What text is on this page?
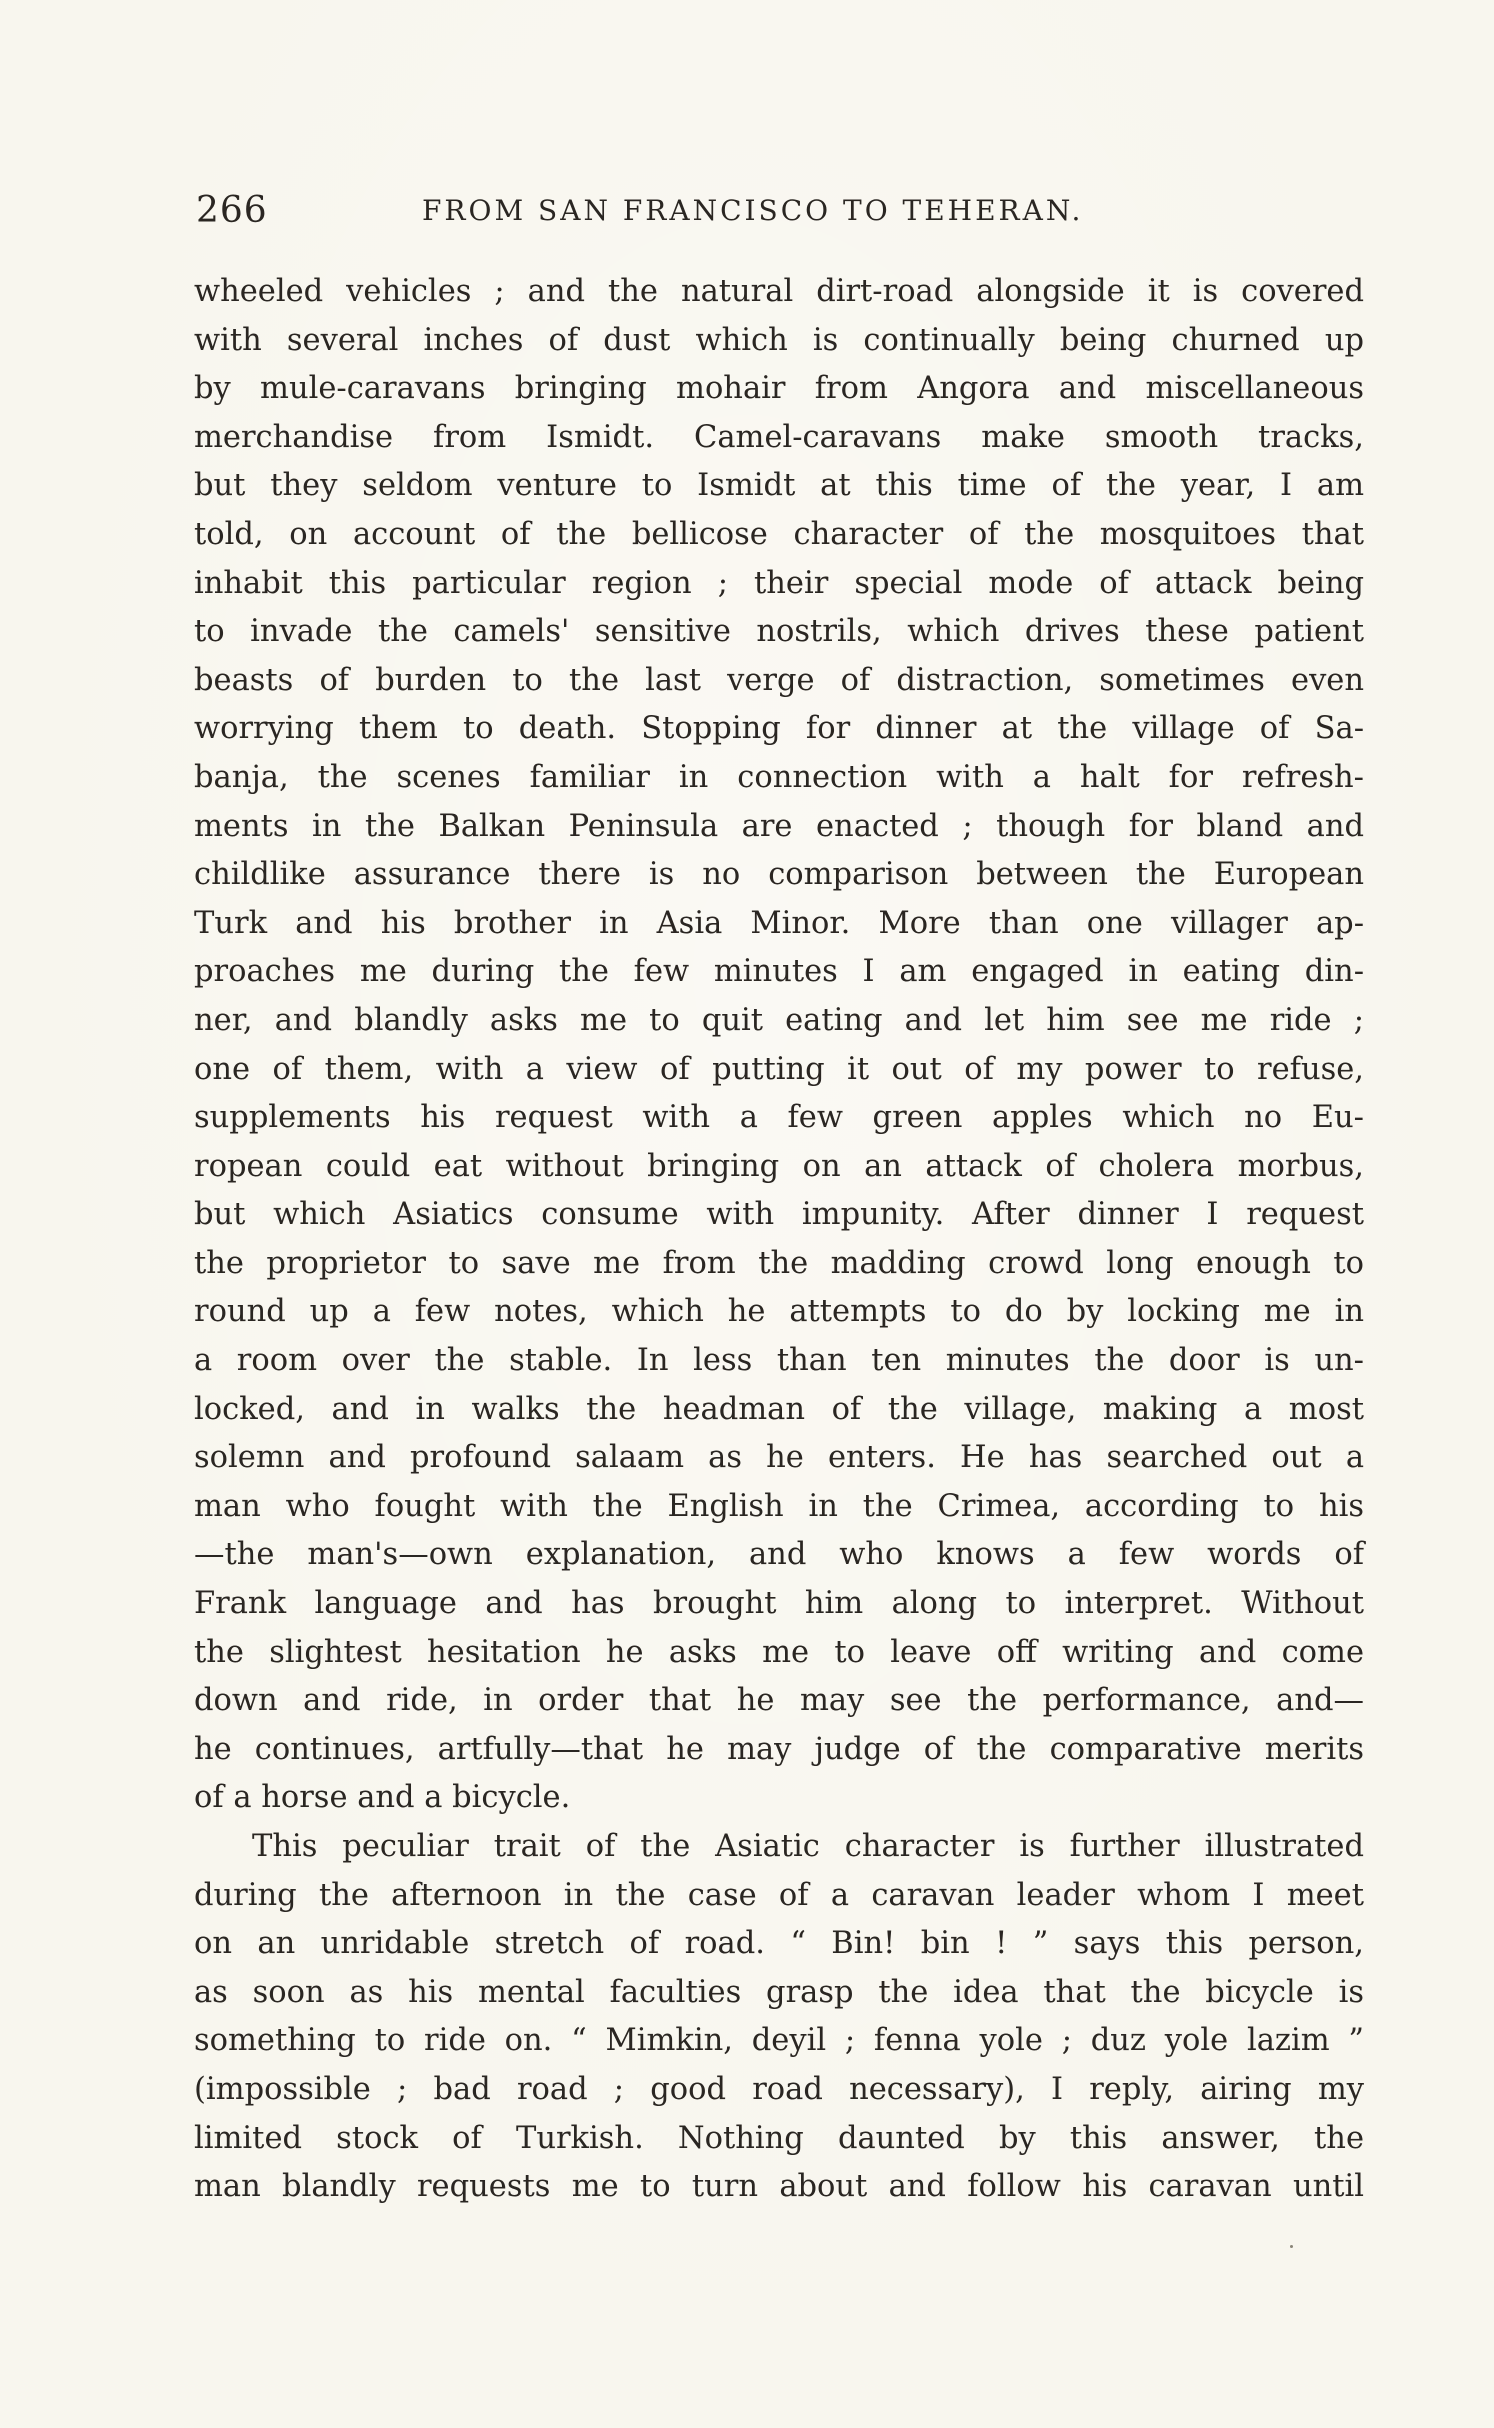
266	FROM SAN FRANCISCO TO TEHERAN.
wheeled vehicles ; and the natural dirt-road alongside it is covered
with several inches of dust which is continually being churned up
by mule-caravans bringing mohair from Angora and miscellaneous
merchandise from Ismidt. Camel-caravans make smooth tracks,
but they seldom venture to Ismidt at this time of the year, I am
told, on account of the bellicose character of the mosquitoes that
inhabit this particular region ; their special mode of attack being
to invade the camels' sensitive nostrils, which drives these patient
beasts of burden to the last verge of distraction, sometimes even
worrying them to death. Stopping for dinner at the village of Sa-
banja, the scenes familiar in connection with a halt for refresh-
ments in the Balkan Peninsula are enacted ; though for bland and
childlike assurance there is no comparison between the European
Turk and his brother in Asia Minor. More than one villager ap-
proaches me during the few minutes I am engaged in eating din-
ner, and blandly asks me to quit eating and let him see me ride ;
one of them, with a view of putting it out of my power to refuse,
supplements his request with a few green apples which no Eu-
ropean could eat without bringing on an attack of cholera morbus,
but which Asiatics consume with impunity. After dinner I request
the proprietor to save me from the madding crowd long enough to
round up a few notes, which he attempts to do by locking me in
a room over the stable. In less than ten minutes the door is un-
locked, and in walks the headman of the village, making a most
solemn and profound salaam as he enters. He has searched out a
man who fought with the English in the Crimea, according to his
—the man's—own explanation, and who knows a few words of
Frank language and has brought him along to interpret. Without
the slightest hesitation he asks me to leave off writing and come
down and ride, in order that he may see the performance, and—
he continues, artfully—that he may judge of the comparative merits
of a horse and a bicycle.
This peculiar trait of the Asiatic character is further illustrated
during the afternoon in the case of a caravan leader whom I meet
on an unridable stretch of road. “ Bin! bin ! ” says this person,
as soon as his mental faculties grasp the idea that the bicycle is
something to ride on. “ Mimkin, deyil ; fenna yole ; duz yole lazim ”
(impossible ; bad road ; good road necessary), I reply, airing my
limited stock of Turkish. Nothing daunted by this answer, the
man blandly requests me to turn about and follow his caravan until
